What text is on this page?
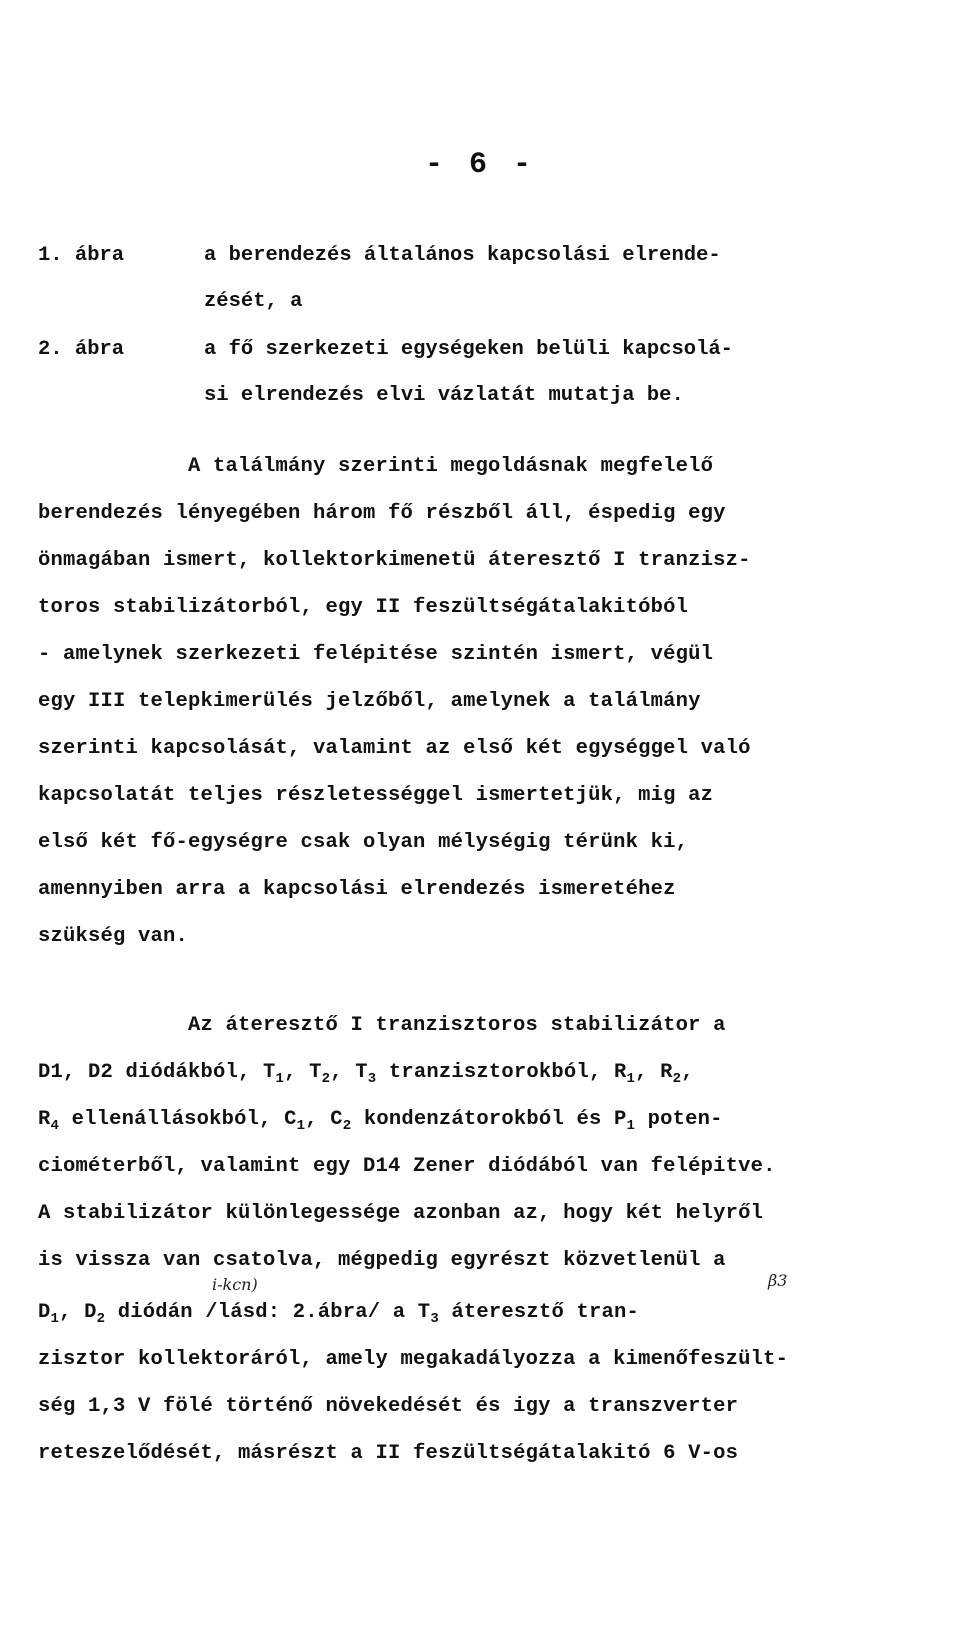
- 6 -
1. ábra	a berendezés általános kapcsolási elrende-
zését, a
2. ábra	a fő szerkezeti egységeken belüli kapcsolá-
si elrendezés elvi vázlatát mutatja be.
A találmány szerinti megoldásnak megfelelő
berendezés lényegében három fő részből áll, éspedig egy
önmagában ismert, kollektorkimenetü áteresztő I tranzisz-
toros stabilizátorból, egy II feszültségátalakitóból
- amelynek szerkezeti felépitése szintén ismert, végül
egy III telepkimerülés jelzőből, amelynek a találmány
szerinti kapcsolását, valamint az első két egységgel való
kapcsolatát teljes részletességgel ismertetjük, mig az
első két fő-egységre csak olyan mélységig térünk ki,
amennyiben arra a kapcsolási elrendezés ismeretéhez
szükség van.
Az áteresztő I tranzisztoros stabilizátor a
D1, D2 diódákból, $T_1$, $T_2$, $T_3$ tranzisztorokból, $R_1$, $R_2$,
$R_4$ ellenállásokból, $C_1$, $C_2$ kondenzátorokból és $P_1$ poten-
ciométerből, valamint egy D14 Zener diódából van felépitve.
A stabilizátor különlegessége azonban az, hogy két helyről
is vissza van csatolva, mégpedig egyrészt közvetlenül a
i-kcn)	β3
$D_1$, $D_2$ diódán /lásd: 2.ábra/ a $T_3$ áteresztő tran-
zisztor kollektoráról, amely megakadályozza a kimenőfeszült-
ség 1,3 V fölé történő növekedését és igy a transzverter
reteszelődését, másrészt a II feszültségátalakitó 6 V-os
